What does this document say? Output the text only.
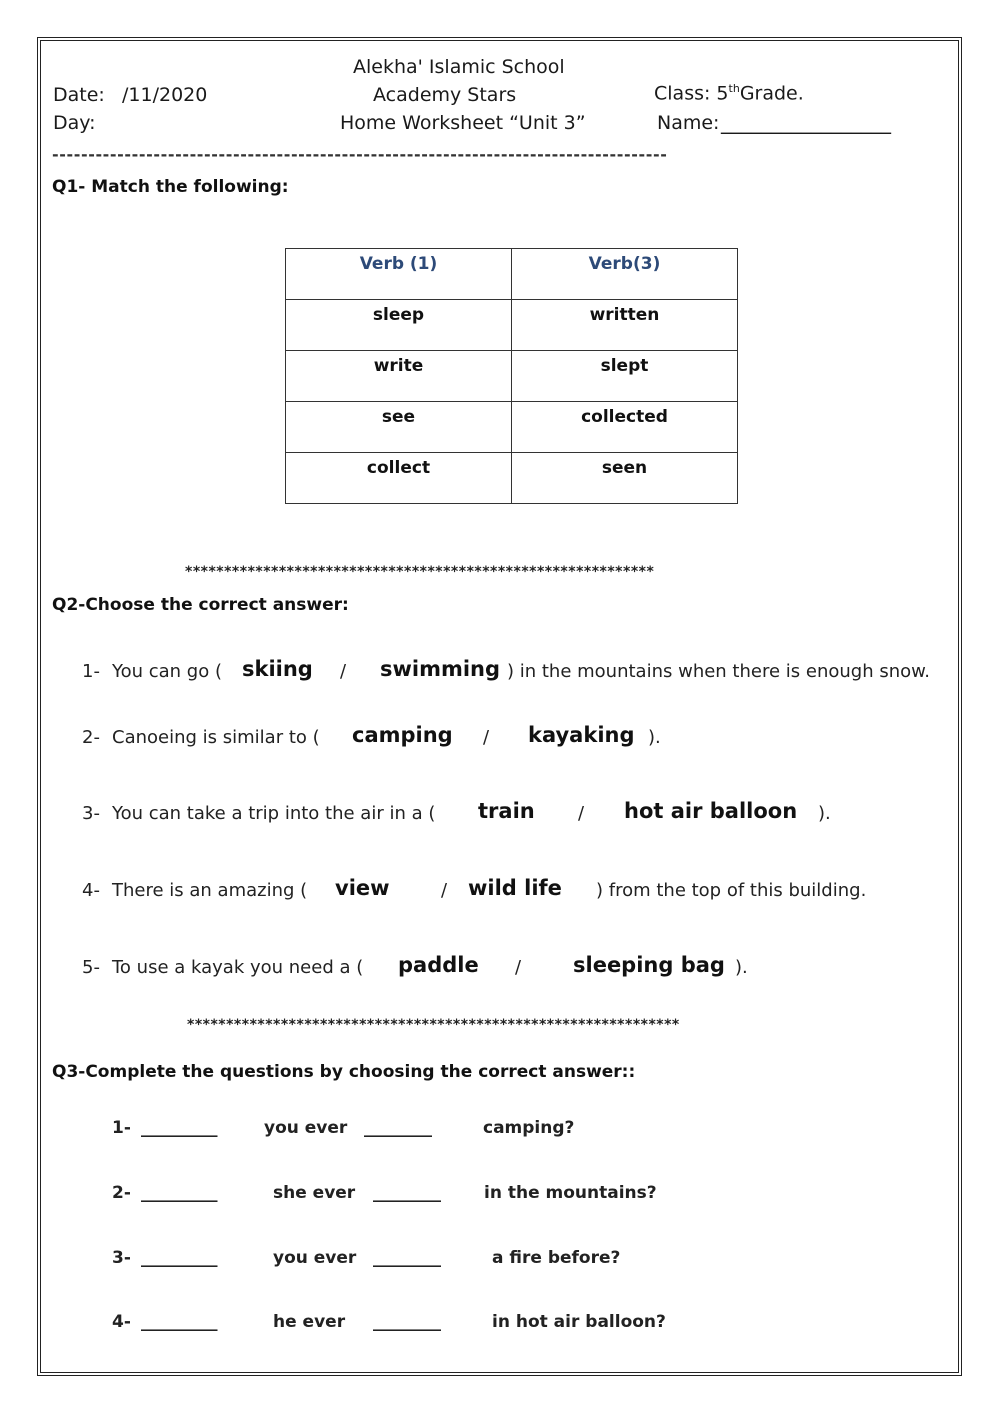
Alekha' Islamic School
Date: /11/2020	Academy Stars	Class: 5thGrade.
Day:	Home Worksheet “Unit 3”	Name: _________________
-------------------------------------------------------------------------------------
Q1- Match the following:
Verb (1)	Verb(3)
sleep	written
write	slept
see	collected
collect	seen
************************************************************
Q2-Choose the correct answer:
1- You can go ( skiing / swimming ) in the mountains when there is enough snow.
2- Canoeing is similar to ( camping / kayaking ).
3- You can take a trip into the air in a ( train / hot air balloon ).
4- There is an amazing ( view	/ wild life ) from the top of this building.
5- To use a kayak you need a ( paddle / sleeping bag ).
***************************************************************
Q3-Complete the questions by choosing the correct answer::
1- _________	you ever ________	camping?
2- _________	she ever ________	in the mountains?
3- _________	you ever ________	a fire before?
4- _________	he ever ________	in hot air balloon?
